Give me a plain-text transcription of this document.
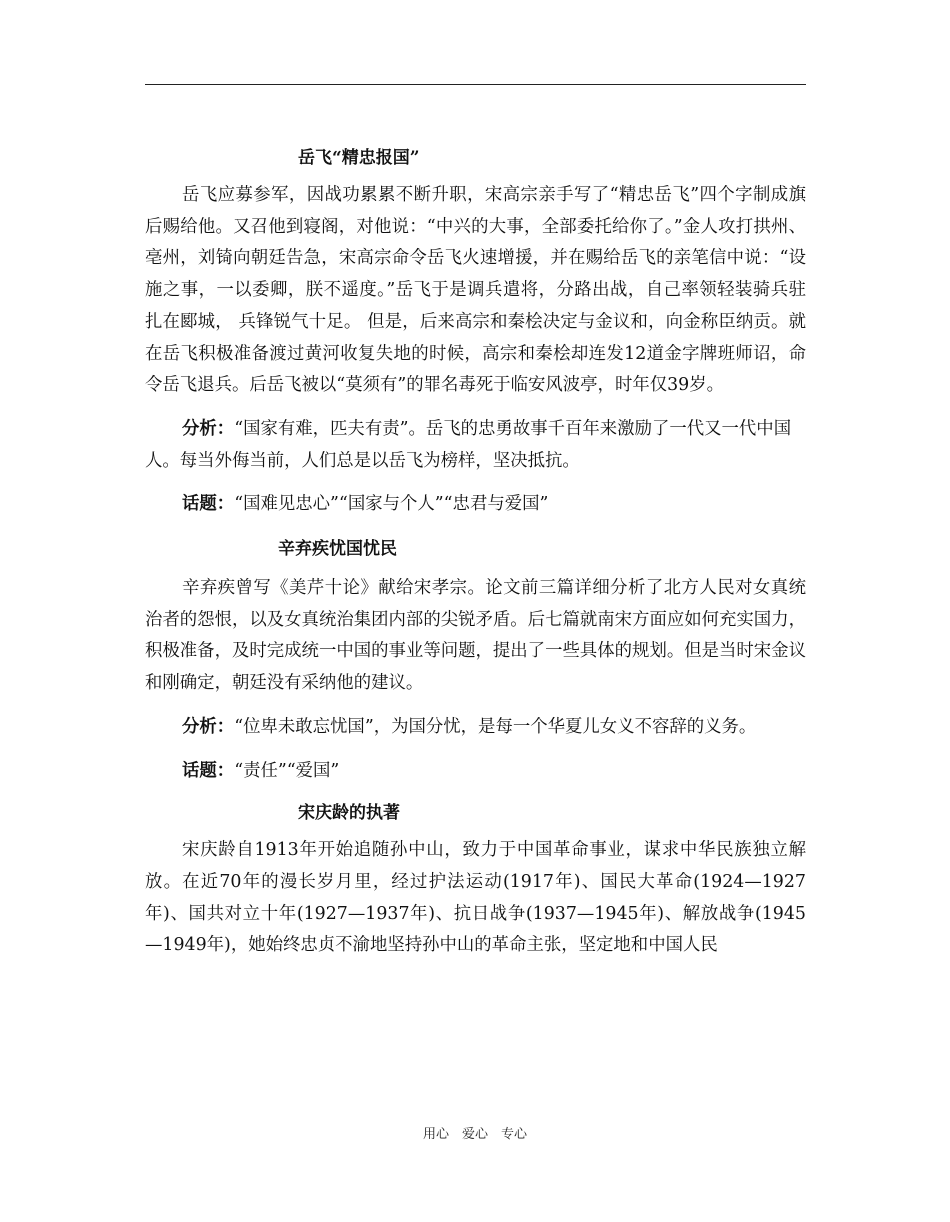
岳飞“精忠报国”

岳飞应募参军，因战功累累不断升职，宋高宗亲手写了“精忠岳飞”四个字制成旗后赐给他。又召他到寝阁，对他说：“中兴的大事，全部委托给你了。”金人攻打拱州、亳州，刘锜向朝廷告急，宋高宗命令岳飞火速增援，并在赐给岳飞的亲笔信中说：“设施之事，一以委卿，朕不遥度。”岳飞于是调兵遣将，分路出战，自己率领轻装骑兵驻扎在郾城， 兵锋锐气十足。 但是，后来高宗和秦桧决定与金议和，向金称臣纳贡。就在岳飞积极准备渡过黄河收复失地的时候，高宗和秦桧却连发12道金字牌班师诏，命令岳飞退兵。后岳飞被以“莫须有”的罪名毒死于临安风波亭，时年仅39岁。

分析：“国家有难，匹夫有责”。岳飞的忠勇故事千百年来激励了一代又一代中国人。每当外侮当前，人们总是以岳飞为榜样，坚决抵抗。

话题：“国难见忠心”“国家与个人”“忠君与爱国”

辛弃疾忧国忧民

辛弃疾曾写《美芹十论》献给宋孝宗。论文前三篇详细分析了北方人民对女真统治者的怨恨，以及女真统治集团内部的尖锐矛盾。后七篇就南宋方面应如何充实国力，积极准备，及时完成统一中国的事业等问题，提出了一些具体的规划。但是当时宋金议和刚确定，朝廷没有采纳他的建议。

分析：“位卑未敢忘忧国”，为国分忧，是每一个华夏儿女义不容辞的义务。

话题：“责任”“爱国”

宋庆龄的执著

宋庆龄自1913年开始追随孙中山，致力于中国革命事业，谋求中华民族独立解放。在近70年的漫长岁月里，经过护法运动(1917年)、国民大革命(1924—1927年)、国共对立十年(1927—1937年)、抗日战争(1937—1945年)、解放战争(1945—1949年)，她始终忠贞不渝地坚持孙中山的革命主张，坚定地和中国人民

用心　爱心　专心
